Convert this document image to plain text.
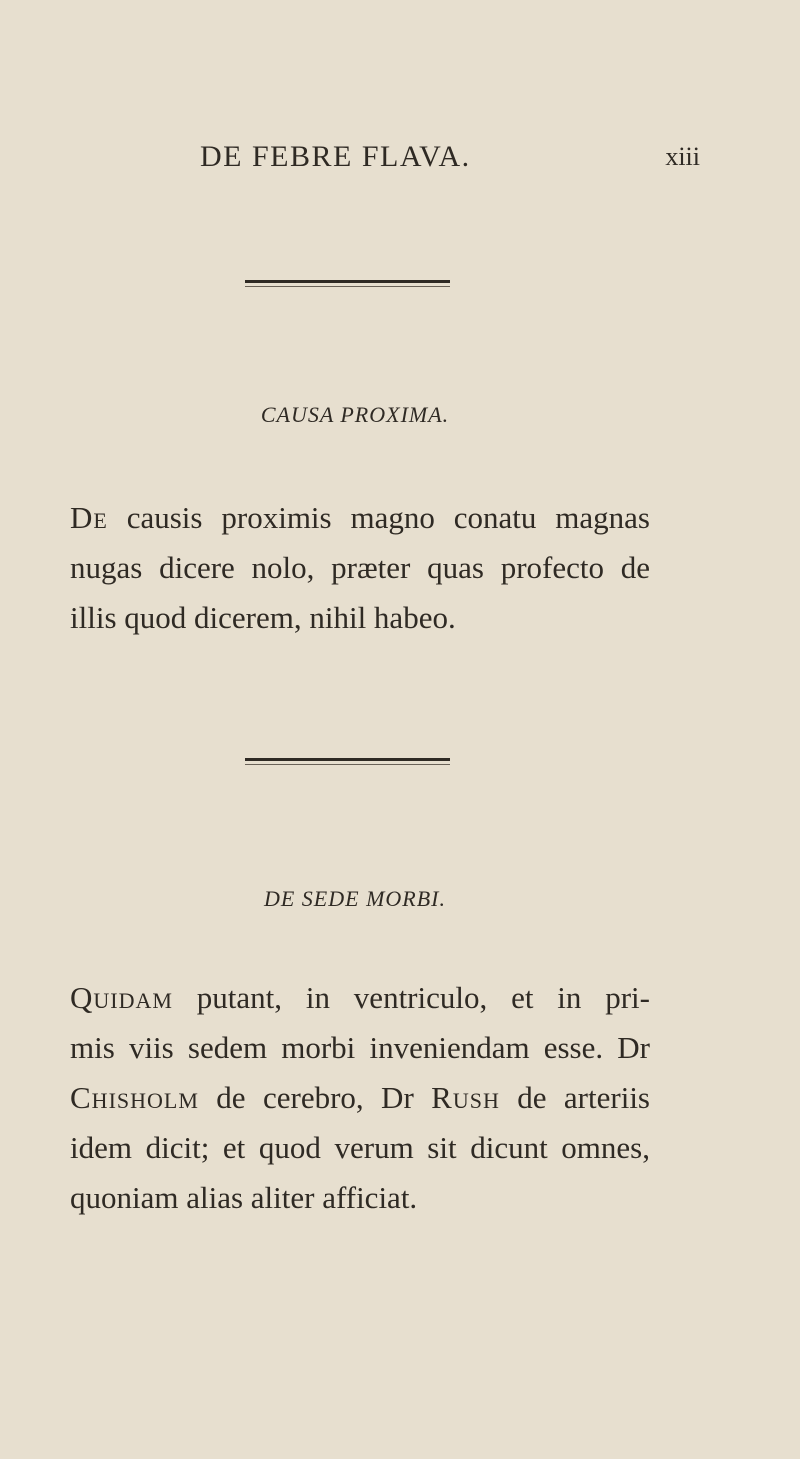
DE FEBRE FLAVA.	xiii
CAUSA PROXIMA.

De causis proximis magno conatu magnas
nugas dicere nolo, præter quas profecto de
illis quod dicerem, nihil habeo.

DE SEDE MORBI.

Quidam putant, in ventriculo, et in pri-
mis viis sedem morbi inveniendam esse. Dr
Chisholm de cerebro, Dr Rush de arteriis
idem dicit; et quod verum sit dicunt omnes,
quoniam alias aliter afficiat.
